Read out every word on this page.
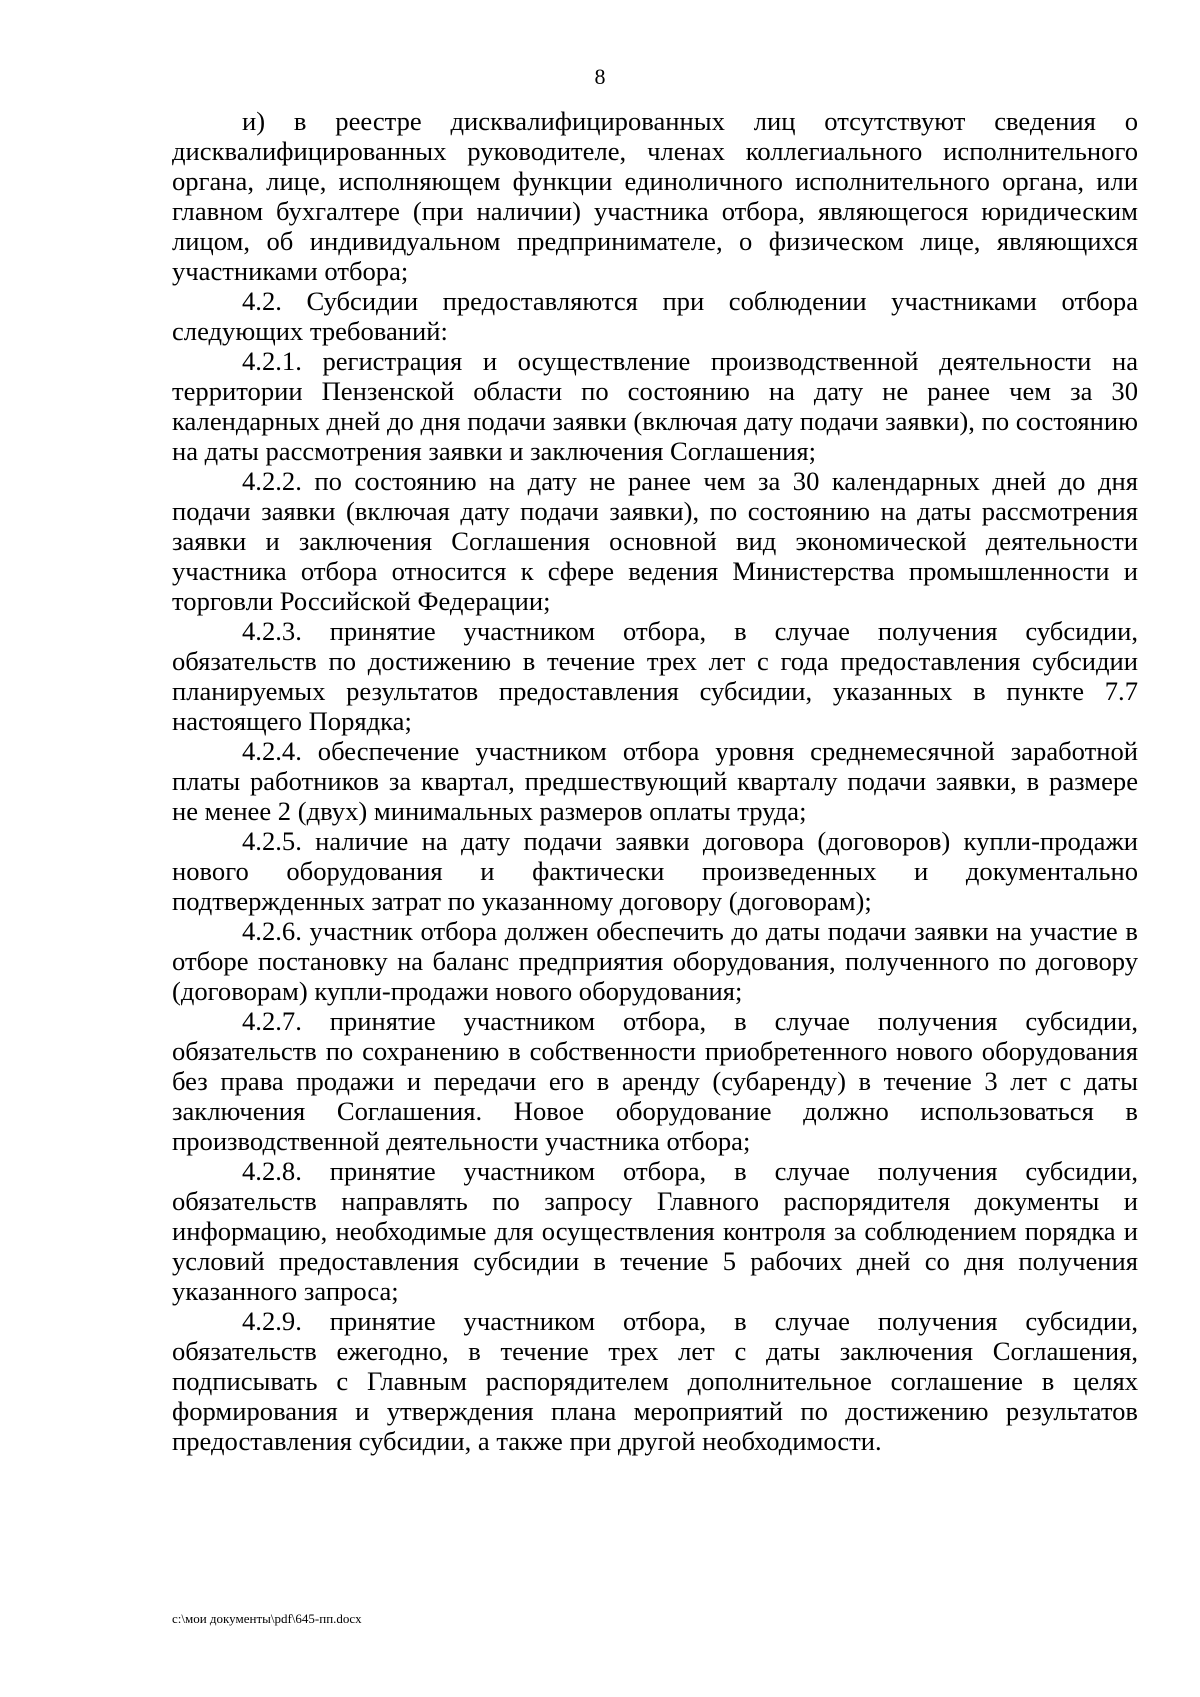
8

и) в реестре дисквалифицированных лиц отсутствуют сведения о дисквалифицированных руководителе, членах коллегиального исполнительного органа, лице, исполняющем функции единоличного исполнительного органа, или главном бухгалтере (при наличии) участника отбора, являющегося юридическим лицом, об индивидуальном предпринимателе, о физическом лице, являющихся участниками отбора;

4.2. Субсидии предоставляются при соблюдении участниками отбора следующих требований:

4.2.1. регистрация и осуществление производственной деятельности на территории Пензенской области по состоянию на дату не ранее чем за 30 календарных дней до дня подачи заявки (включая дату подачи заявки), по состоянию на даты рассмотрения заявки и заключения Соглашения;

4.2.2. по состоянию на дату не ранее чем за 30 календарных дней до дня подачи заявки (включая дату подачи заявки), по состоянию на даты рассмотрения заявки и заключения Соглашения основной вид экономической деятельности участника отбора относится к сфере ведения Министерства промышленности и торговли Российской Федерации;

4.2.3. принятие участником отбора, в случае получения субсидии, обязательств по достижению в течение трех лет с года предоставления субсидии планируемых результатов предоставления субсидии, указанных в пункте 7.7 настоящего Порядка;

4.2.4. обеспечение участником отбора уровня среднемесячной заработной платы работников за квартал, предшествующий кварталу подачи заявки, в размере не менее 2 (двух) минимальных размеров оплаты труда;

4.2.5. наличие на дату подачи заявки договора (договоров) купли-продажи нового оборудования и фактически произведенных и документально подтвержденных затрат по указанному договору (договорам);

4.2.6. участник отбора должен обеспечить до даты подачи заявки на участие в отборе постановку на баланс предприятия оборудования, полученного по договору (договорам) купли-продажи нового оборудования;

4.2.7. принятие участником отбора, в случае получения субсидии, обязательств по сохранению в собственности приобретенного нового оборудования без права продажи и передачи его в аренду (субаренду) в течение 3 лет с даты заключения Соглашения. Новое оборудование должно использоваться в производственной деятельности участника отбора;

4.2.8. принятие участником отбора, в случае получения субсидии, обязательств направлять по запросу Главного распорядителя документы и информацию, необходимые для осуществления контроля за соблюдением порядка и условий предоставления субсидии в течение 5 рабочих дней со дня получения указанного запроса;

4.2.9. принятие участником отбора, в случае получения субсидии, обязательств ежегодно, в течение трех лет с даты заключения Соглашения, подписывать с Главным распорядителем дополнительное соглашение в целях формирования и утверждения плана мероприятий по достижению результатов предоставления субсидии, а также при другой необходимости.

c:\мои документы\pdf\645-пп.docx
